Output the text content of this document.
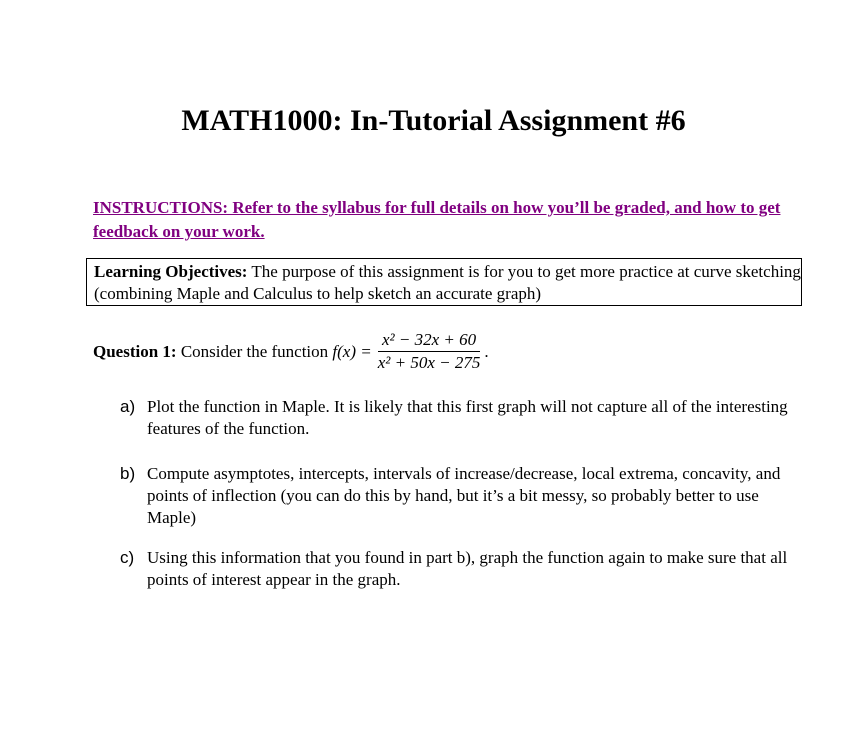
MATH1000: In-Tutorial Assignment #6
INSTRUCTIONS: Refer to the syllabus for full details on how you’ll be graded, and how to get feedback on your work.
Learning Objectives: The purpose of this assignment is for you to get more practice at curve sketching (combining Maple and Calculus to help sketch an accurate graph)
Question 1:
Consider the function
$f(x) = \frac{\text{x² − 32x + 60}}{\text{x² + 50x − 275}}$ .
a) Plot the function in Maple. It is likely that this first graph will not capture all of the interesting features of the function.
b) Compute asymptotes, intercepts, intervals of increase/decrease, local extrema, concavity, and points of inflection (you can do this by hand, but it’s a bit messy, so probably better to use Maple)
c) Using this information that you found in part b), graph the function again to make sure that all points of interest appear in the graph.
